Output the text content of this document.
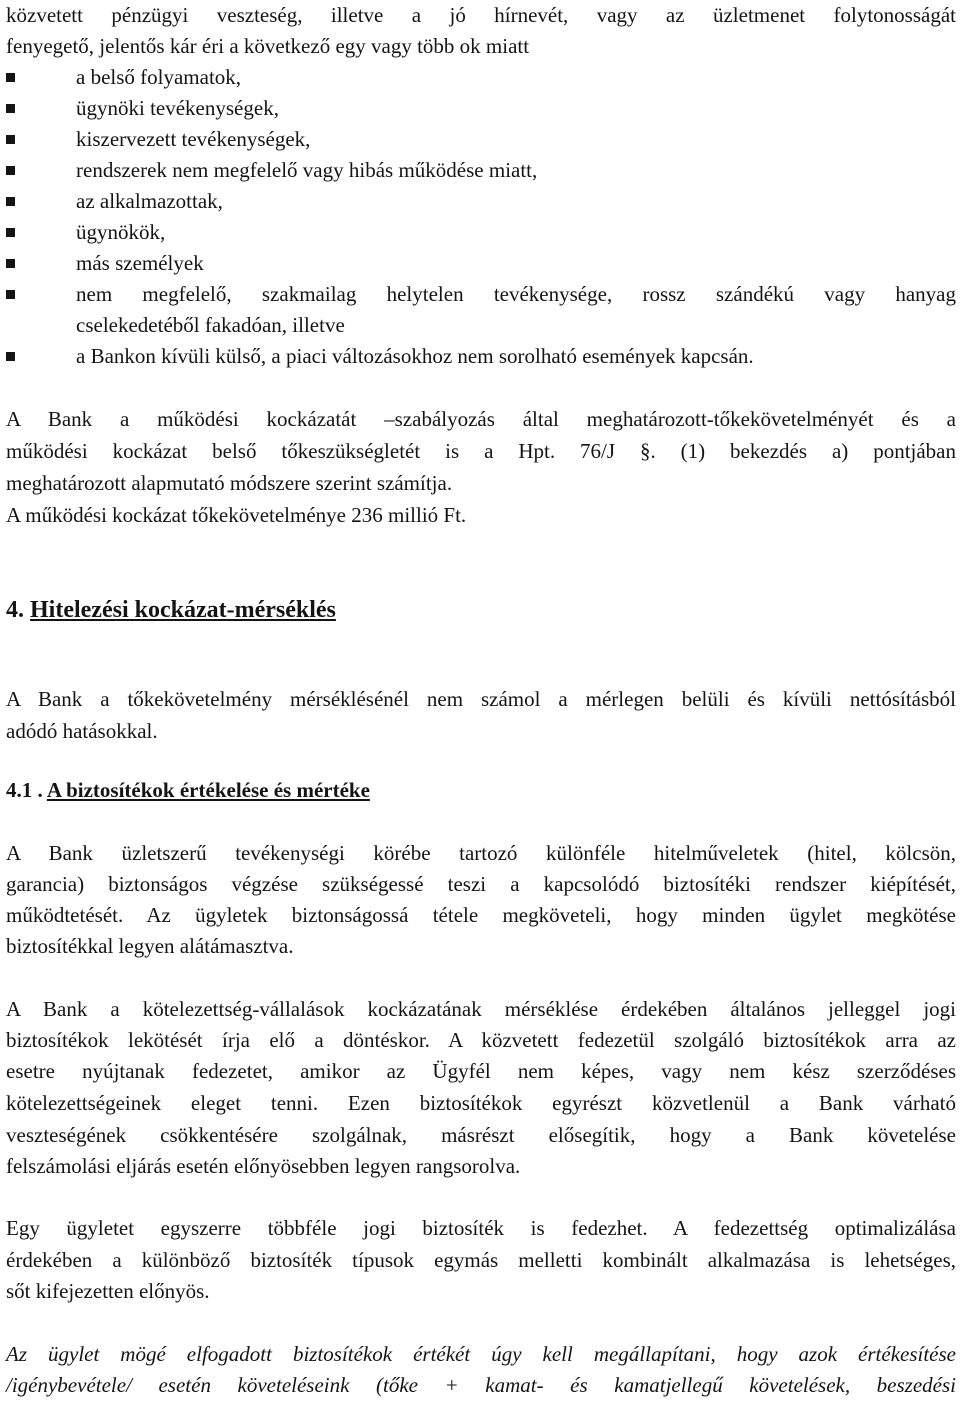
közvetett pénzügyi veszteség, illetve a jó hírnevét, vagy az üzletmenet folytonosságát
fenyegető, jelentős kár éri a következő egy vagy több ok miatt
a belső folyamatok,
ügynöki tevékenységek,
kiszervezett tevékenységek,
rendszerek nem megfelelő vagy hibás működése miatt,
az alkalmazottak,
ügynökök,
más személyek
nem megfelelő, szakmailag helytelen tevékenysége, rossz szándékú vagy hanyag
cselekedetéből fakadóan, illetve
a Bankon kívüli külső, a piaci változásokhoz nem sorolható események kapcsán.
A Bank a működési kockázatát –szabályozás által meghatározott-tőkekövetelményét és a
működési kockázat belső tőkeszükségletét is a Hpt. 76/J §. (1) bekezdés a) pontjában
meghatározott alapmutató módszere szerint számítja.
A működési kockázat tőkekövetelménye 236 millió Ft.
4. Hitelezési kockázat-mérséklés
A Bank a tőkekövetelmény mérséklésénél nem számol a mérlegen belüli és kívüli nettósításból
adódó hatásokkal.
4.1 . A biztosítékok értékelése és mértéke
A Bank üzletszerű tevékenységi körébe tartozó különféle hitelműveletek (hitel, kölcsön,
garancia) biztonságos végzése szükségessé teszi a kapcsolódó biztosítéki rendszer kiépítését,
működtetését. Az ügyletek biztonságossá tétele megköveteli, hogy minden ügylet megkötése
biztosítékkal legyen alátámasztva.
A Bank a kötelezettség-vállalások kockázatának mérséklése érdekében általános jelleggel jogi
biztosítékok lekötését írja elő a döntéskor. A közvetett fedezetül szolgáló biztosítékok arra az
esetre nyújtanak fedezetet, amikor az Ügyfél nem képes, vagy nem kész szerződéses
kötelezettségeinek eleget tenni. Ezen biztosítékok egyrészt közvetlenül a Bank várható
veszteségének csökkentésére szolgálnak, másrészt elősegítik, hogy a Bank követelése
felszámolási eljárás esetén előnyösebben legyen rangsorolva.
Egy ügyletet egyszerre többféle jogi biztosíték is fedezhet. A fedezettség optimalizálása
érdekében a különböző biztosíték típusok egymás melletti kombinált alkalmazása is lehetséges,
sőt kifejezetten előnyös.
Az ügylet mögé elfogadott biztosítékok értékét úgy kell megállapítani, hogy azok értékesítése
/igénybevétele/ esetén követeléseink (tőke + kamat- és kamatjellegű követelések, beszedési
